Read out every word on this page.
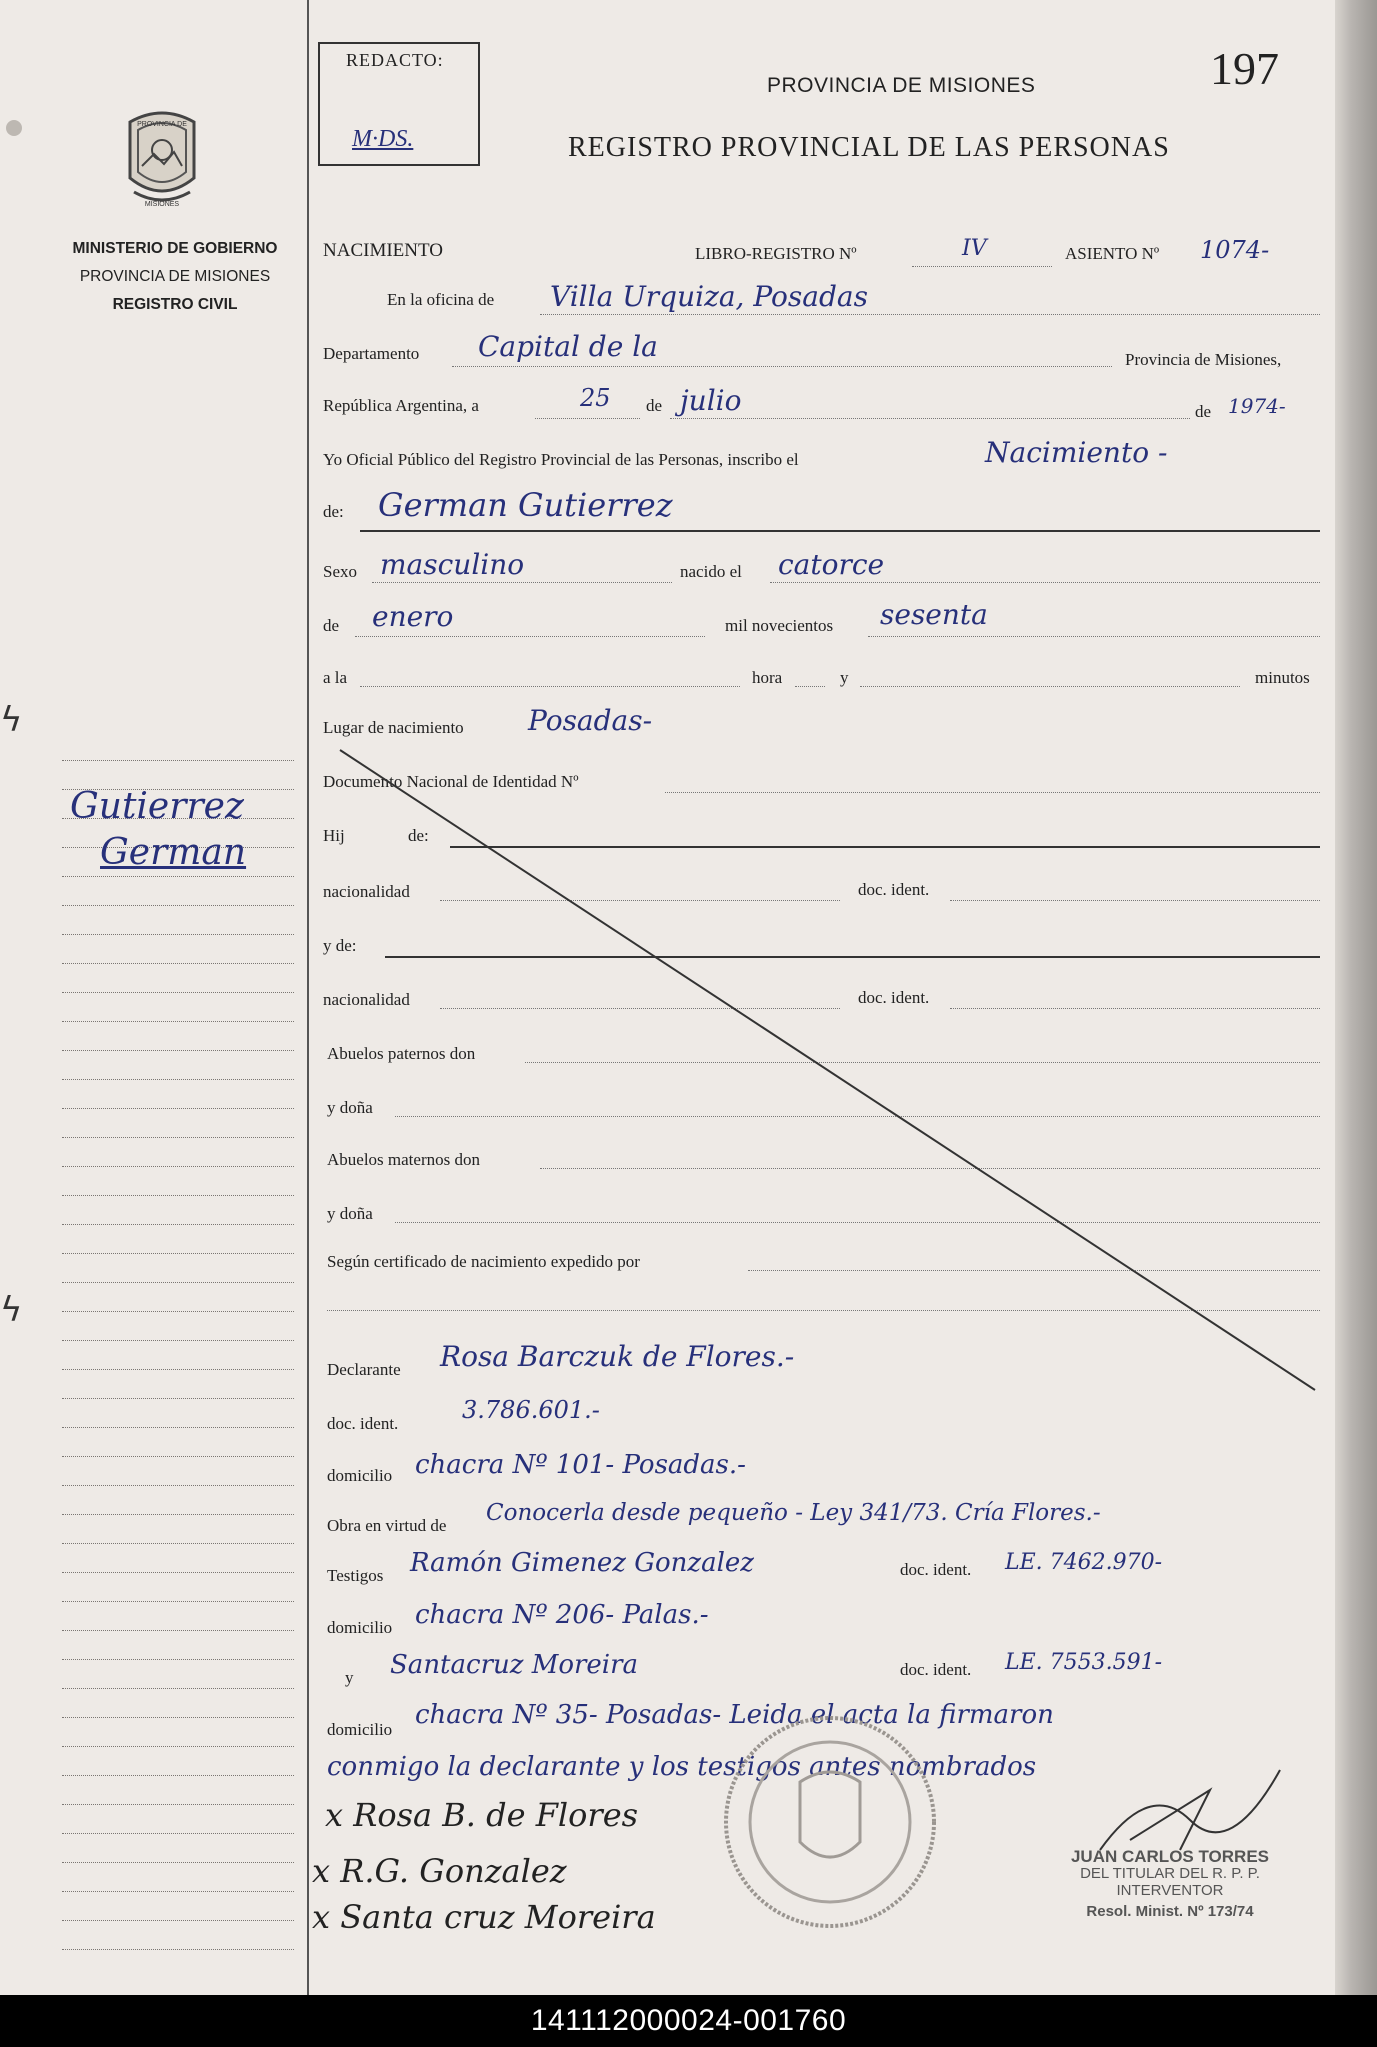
ϟ
ϟ
PROVINCIA DE
MISIONES
MINISTERIO DE GOBIERNO
PROVINCIA DE MISIONES
REGISTRO CIVIL
Gutierrez
German
REDACTO:
M·DS.
PROVINCIA DE MISIONES	197
REGISTRO PROVINCIAL DE LAS PERSONAS
NACIMIENTO	LIBRO-REGISTRO Nº	IV	ASIENTO Nº 1074-
En la oficina de Villa Urquiza, Posadas
Departamento Capital de la	Provincia de Misiones,
República Argentina, a	25 de julio	de 1974-
Yo Oficial Público del Registro Provincial de las Personas, inscribo el	Nacimiento -
de: German Gutierrez
Sexo masculino	nacido el catorce
de enero	mil novecientos sesenta
a la	hora	y	minutos
Lugar de nacimiento Posadas-
Documento Nacional de Identidad Nº
Hij	de:
nacionalidad	doc. ident.
y de:
nacionalidad	doc. ident.
Abuelos paternos don
y doña
Abuelos maternos don
y doña
Según certificado de nacimiento expedido por
Declarante Rosa Barczuk de Flores.-
doc. ident.	3.786.601.-
domicilio chacra Nº 101- Posadas.-
Obra en virtud de Conocerla desde pequeño - Ley 341/73. Cría Flores.-
Testigos Ramón Gimenez Gonzalez	doc. ident. LE. 7462.970-
domicilio chacra Nº 206- Palas.-
y Santacruz Moreira	doc. ident. LE. 7553.591-
domicilio chacra Nº 35- Posadas- Leida el acta la firmaron
conmigo la declarante y los testigos antes nombrados
x Rosa B. de Flores
x R.G. Gonzalez
x Santa cruz Moreira
JUAN CARLOS TORRES
DEL TITULAR DEL R. P. P.
INTERVENTOR
Resol. Minist. Nº 173/74
141112000024-001760
